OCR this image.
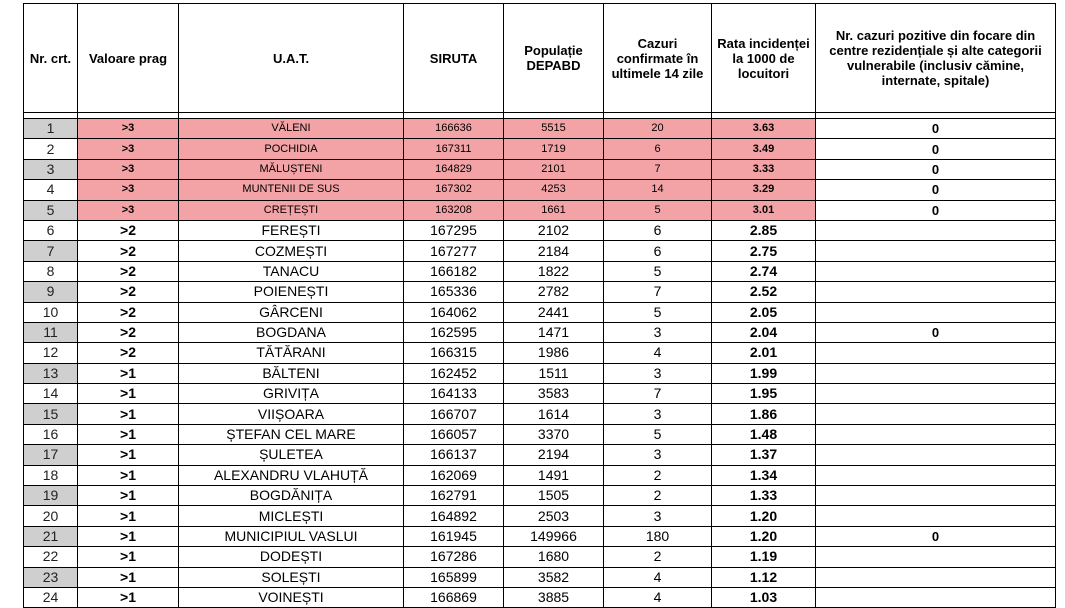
Nr. crt.	Valoare prag	U.A.T.	SIRUTA	Populație DEPABD	Cazuri confirmate în ultimele 14 zile	Rata incidenței la 1000 de locuitori	Nr. cazuri pozitive din focare din centre rezidențiale și alte categorii vulnerabile (inclusiv cămine, internate, spitale)

1	>3	VĂLENI	166636	5515	20	3.63	0
2	>3	POCHIDIA	167311	1719	6	3.49	0
3	>3	MĂLUȘTENI	164829	2101	7	3.33	0
4	>3	MUNTENII DE SUS	167302	4253	14	3.29	0
5	>3	CREȚEȘTI	163208	1661	5	3.01	0
6	>2	FEREȘTI	167295	2102	6	2.85	
7	>2	COZMEȘTI	167277	2184	6	2.75	
8	>2	TANACU	166182	1822	5	2.74	
9	>2	POIENEȘTI	165336	2782	7	2.52	
10	>2	GÂRCENI	164062	2441	5	2.05	
11	>2	BOGDANA	162595	1471	3	2.04	0
12	>2	TĂTĂRANI	166315	1986	4	2.01	
13	>1	BĂLTENI	162452	1511	3	1.99	
14	>1	GRIVIȚA	164133	3583	7	1.95	
15	>1	VIIȘOARA	166707	1614	3	1.86	
16	>1	ȘTEFAN CEL MARE	166057	3370	5	1.48	
17	>1	ȘULETEA	166137	2194	3	1.37	
18	>1	ALEXANDRU VLAHUȚĂ	162069	1491	2	1.34	
19	>1	BOGDĂNIȚA	162791	1505	2	1.33	
20	>1	MICLEȘTI	164892	2503	3	1.20	
21	>1	MUNICIPIUL VASLUI	161945	149966	180	1.20	0
22	>1	DODEȘTI	167286	1680	2	1.19	
23	>1	SOLEȘTI	165899	3582	4	1.12	
24	>1	VOINEȘTI	166869	3885	4	1.03	
